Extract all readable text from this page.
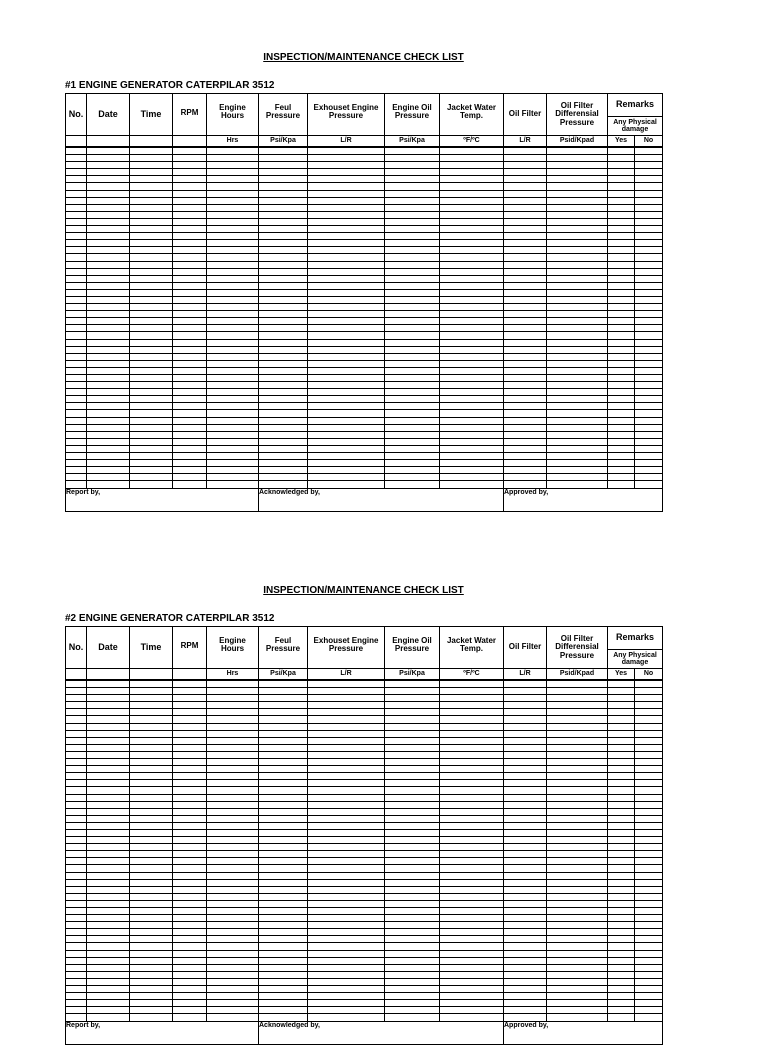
INSPECTION/MAINTENANCE CHECK LIST
#1 ENGINE GENERATOR CATERPILAR 3512
No.	Date	Time	RPM	Engine Hours	Feul Pressure	Exhouset Engine Pressure	Engine Oil Pressure	Jacket Water Temp.	Oil Filter	Oil Filter Differensial Pressure	Remarks	
											Any Physical damage	
				Hrs	Psi/Kpa	L/R	Psi/Kpa	ºF/ºC	L/R	Psid/Kpad	Yes	No

Report by,					Acknowledged by,				Approved by,			
INSPECTION/MAINTENANCE CHECK LIST
#2 ENGINE GENERATOR CATERPILAR 3512
No.	Date	Time	RPM	Engine Hours	Feul Pressure	Exhouset Engine Pressure	Engine Oil Pressure	Jacket Water Temp.	Oil Filter	Oil Filter Differensial Pressure	Remarks	
											Any Physical damage	
				Hrs	Psi/Kpa	L/R	Psi/Kpa	ºF/ºC	L/R	Psid/Kpad	Yes	No

Report by,					Acknowledged by,				Approved by,			
